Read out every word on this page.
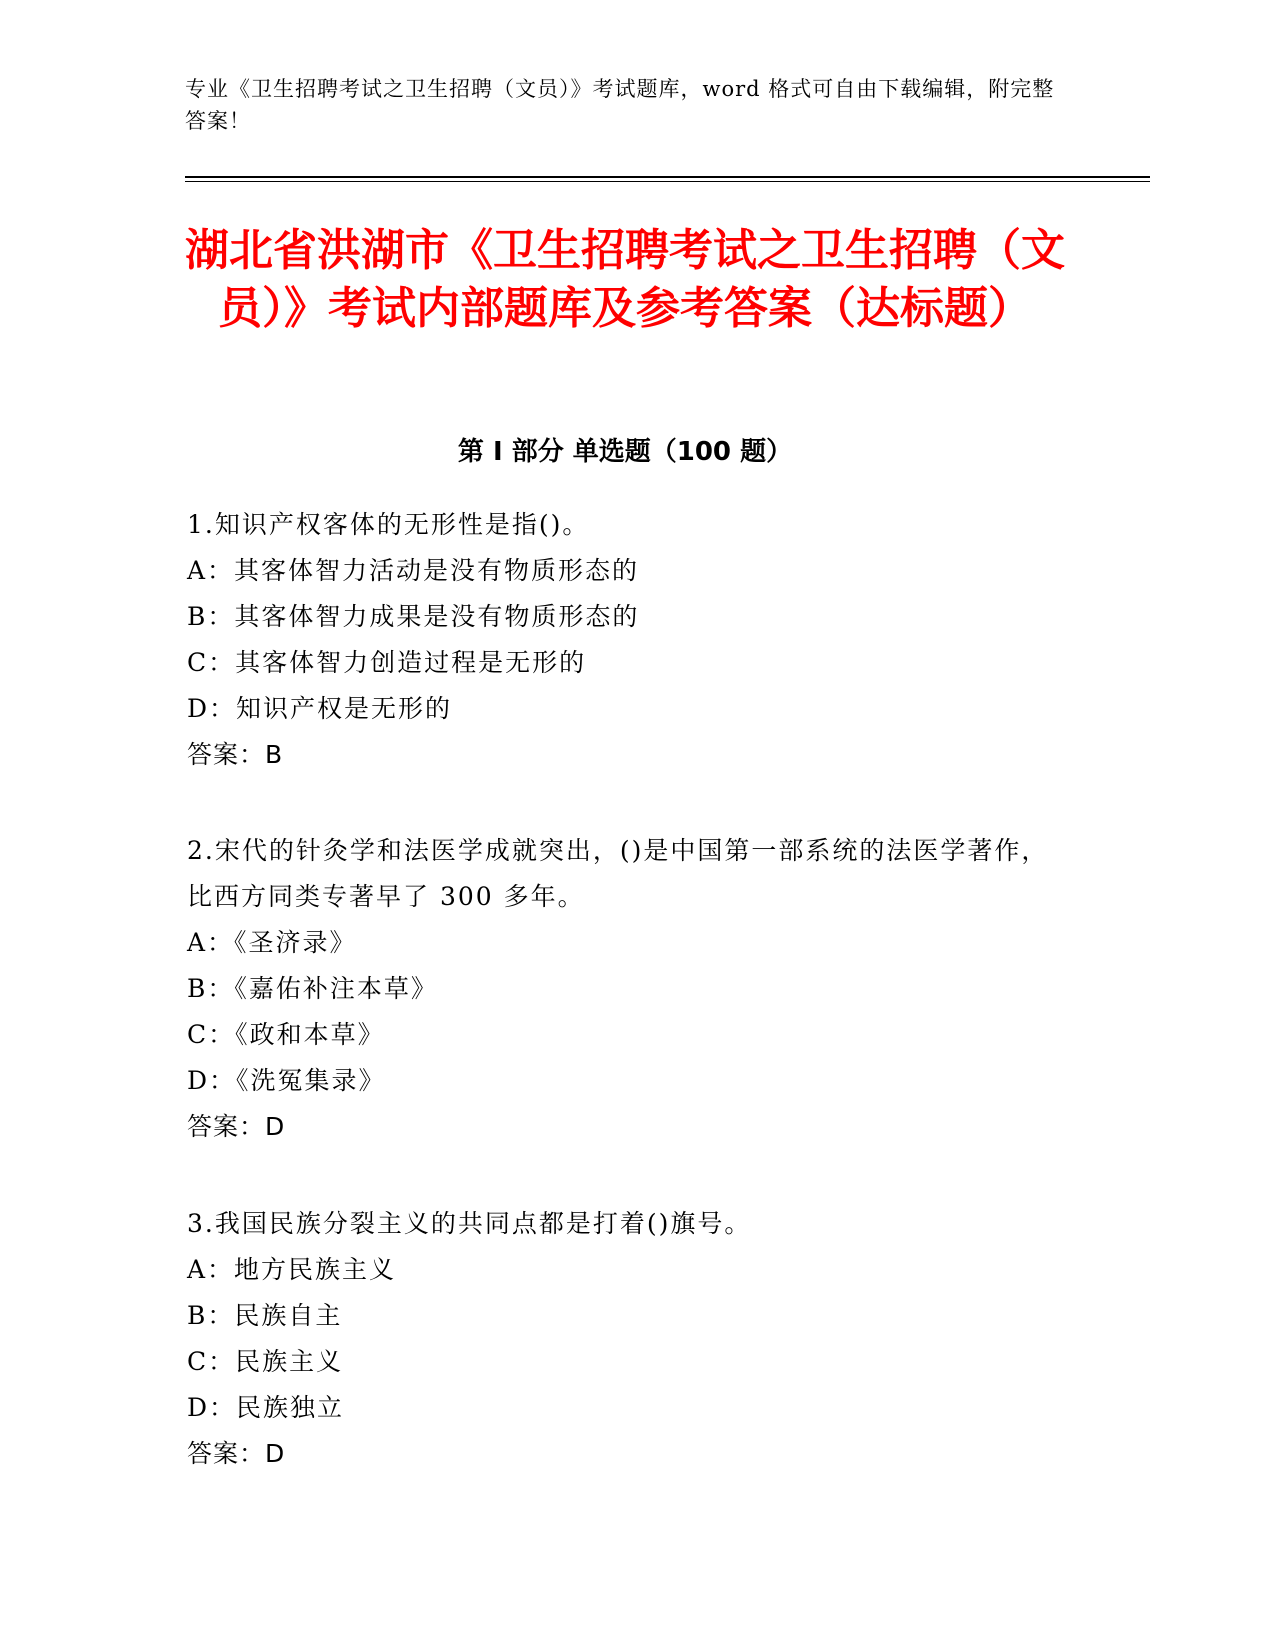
专业《卫生招聘考试之卫生招聘（文员）》考试题库，word 格式可自由下载编辑，附完整答案！

湖北省洪湖市《卫生招聘考试之卫生招聘（文员）》考试内部题库及参考答案（达标题）
第 I 部分 单选题（100 题）

1.知识产权客体的无形性是指()。

A：其客体智力活动是没有物质形态的

B：其客体智力成果是没有物质形态的

C：其客体智力创造过程是无形的

D：知识产权是无形的

答案：B

2.宋代的针灸学和法医学成就突出，()是中国第一部系统的法医学著作，比西方同类专著早了 300 多年。

A：《圣济录》

B：《嘉佑补注本草》

C：《政和本草》

D：《洗冤集录》

答案：D

3.我国民族分裂主义的共同点都是打着()旗号。

A：地方民族主义

B：民族自主

C：民族主义

D：民族独立

答案：D
